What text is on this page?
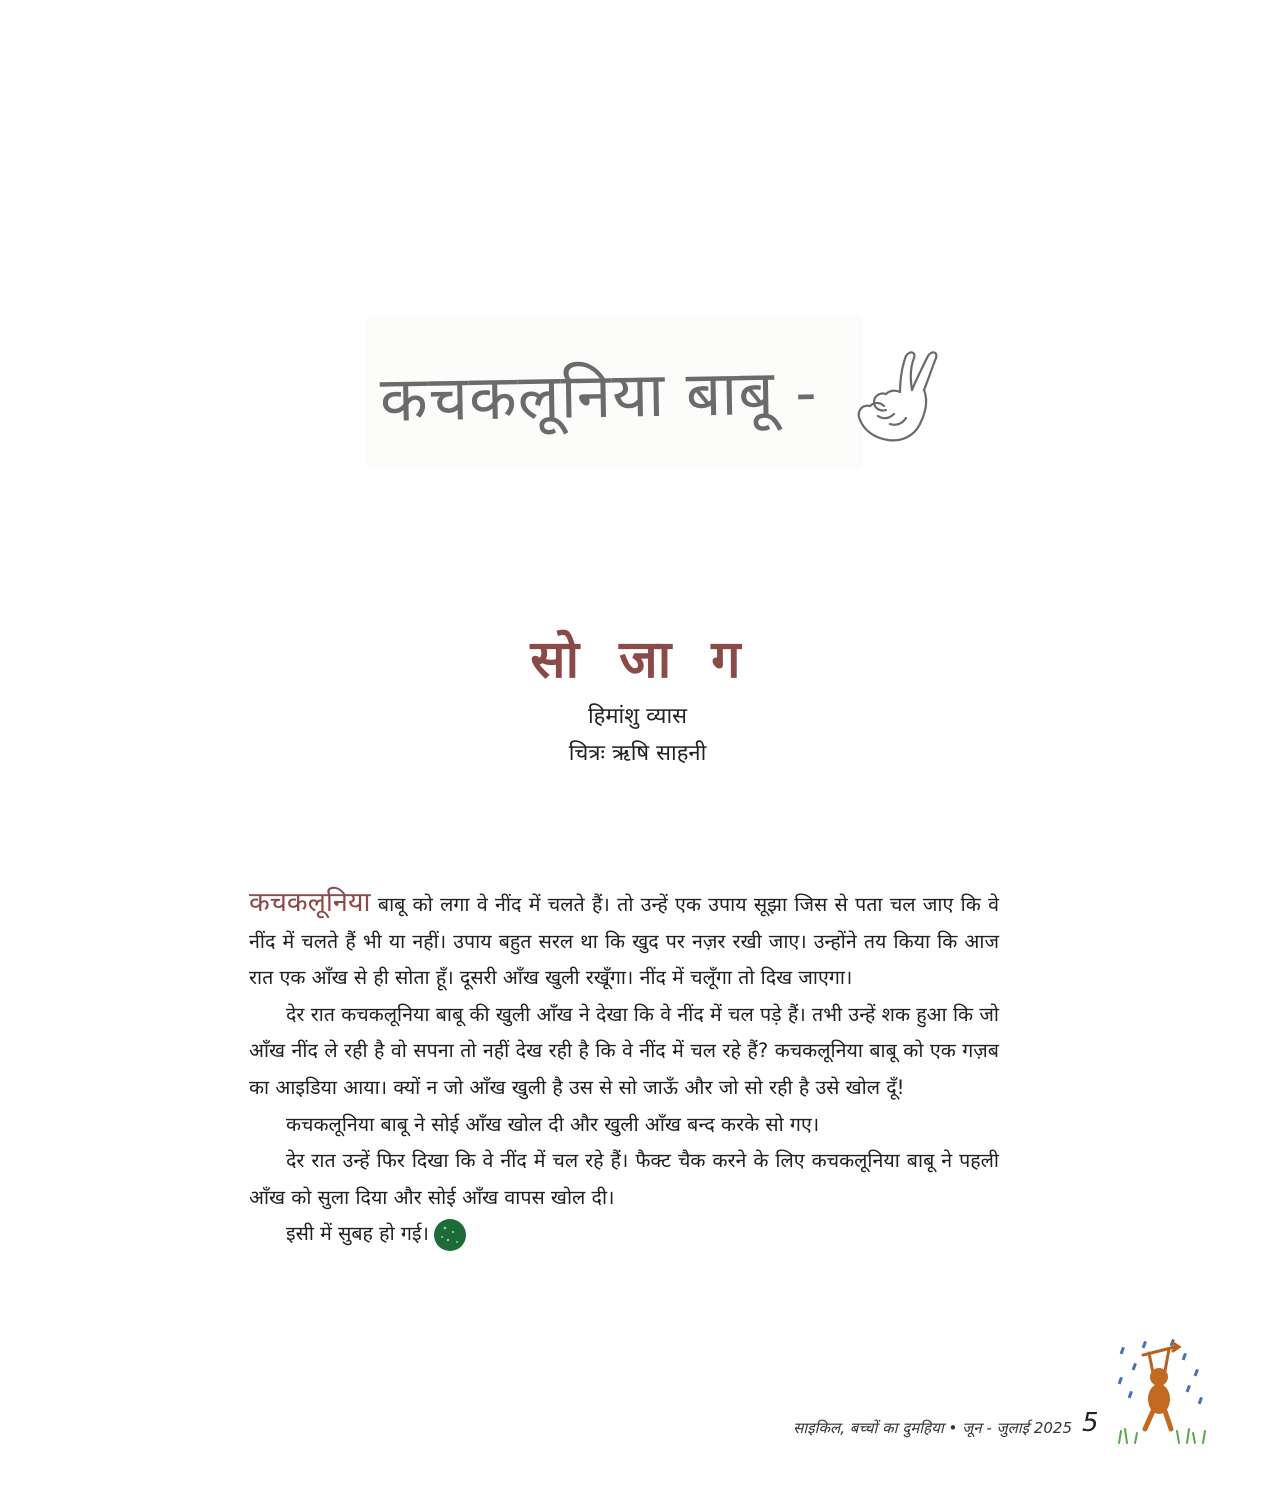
कचकलूनिया बाबू -
सो जा ग
हिमांशु व्यास
चित्रः ऋषि साहनी

कचकलूनिया बाबू को लगा वे नींद में चलते हैं। तो उन्हें एक उपाय सूझा जिस से पता चल जाए कि वे नींद में चलते हैं भी या नहीं। उपाय बहुत सरल था कि खुद पर नज़र रखी जाए। उन्होंने तय किया कि आज रात एक आँख से ही सोता हूँ। दूसरी आँख खुली रखूँगा। नींद में चलूँगा तो दिख जाएगा।

देर रात कचकलूनिया बाबू की खुली आँख ने देखा कि वे नींद में चल पड़े हैं। तभी उन्हें शक हुआ कि जो आँख नींद ले रही है वो सपना तो नहीं देख रही है कि वे नींद में चल रहे हैं? कचकलूनिया बाबू को एक गज़ब का आइडिया आया। क्यों न जो आँख खुली है उस से सो जाऊँ और जो सो रही है उसे खोल दूँ!

कचकलूनिया बाबू ने सोई आँख खोल दी और खुली आँख बन्द करके सो गए।

देर रात उन्हें फिर दिखा कि वे नींद में चल रहे हैं। फैक्ट चैक करने के लिए कचकलूनिया बाबू ने पहली आँख को सुला दिया और सोई आँख वापस खोल दी।

इसी में सुबह हो गई।

साइकिल, बच्चों का दुमहिया • जून - जुलाई 2025 5
